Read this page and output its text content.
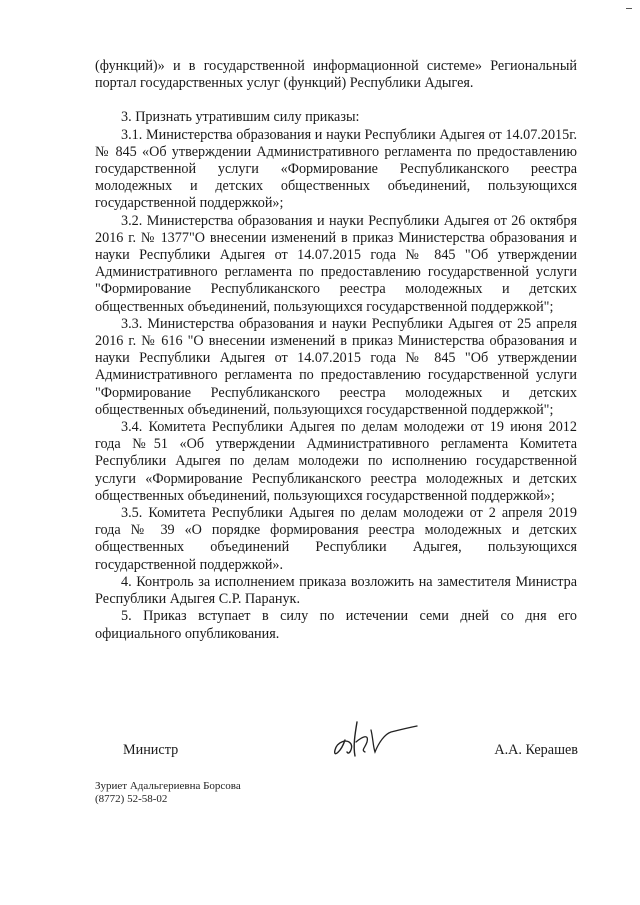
(функций)» и в государственной информационной системе» Региональный портал государственных услуг (функций) Республики Адыгея.

3. Признать утратившим силу приказы:

3.1. Министерства образования и науки Республики Адыгея от 14.07.2015г. № 845 «Об утверждении Административного регламента по предоставлению государственной услуги «Формирование Республиканского реестра молодежных и детских общественных объединений, пользующихся государственной поддержкой»;

3.2. Министерства образования и науки Республики Адыгея от 26 октября 2016 г. № 1377"О внесении изменений в приказ Министерства образования и науки Республики Адыгея от 14.07.2015 года № 845 "Об утверждении Административного регламента по предоставлению государственной услуги "Формирование Республиканского реестра молодежных и детских общественных объединений, пользующихся государственной поддержкой";

3.3. Министерства образования и науки Республики Адыгея от 25 апреля 2016 г. № 616 "О внесении изменений в приказ Министерства образования и науки Республики Адыгея от 14.07.2015 года № 845 "Об утверждении Административного регламента по предоставлению государственной услуги "Формирование Республиканского реестра молодежных и детских общественных объединений, пользующихся государственной поддержкой";

3.4. Комитета Республики Адыгея по делам молодежи от 19 июня 2012 года №51 «Об утверждении Административного регламента Комитета Республики Адыгея по делам молодежи по исполнению государственной услуги «Формирование Республиканского реестра молодежных и детских общественных объединений, пользующихся государственной поддержкой»;

3.5. Комитета Республики Адыгея по делам молодежи от 2 апреля 2019 года № 39 «О порядке формирования реестра молодежных и детских общественных объединений Республики Адыгея, пользующихся государственной поддержкой».

4. Контроль за исполнением приказа возложить на заместителя Министра Республики Адыгея С.Р. Паранук.

5. Приказ вступает в силу по истечении семи дней со дня его официального опубликования.

Министр	А.А. Керашев
Зуриет Адальгериевна Борсова
(8772) 52-58-02
